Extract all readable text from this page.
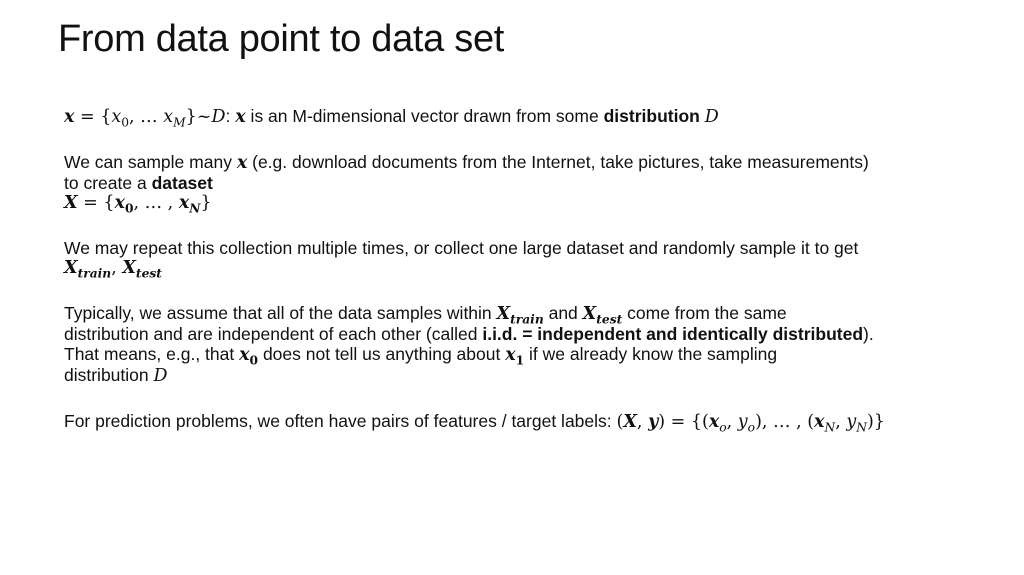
From data point to data set
$x = \{x_0$, … $x_M\}\sim D$: x is an M-dimensional vector drawn from some distribution D
We can sample many x (e.g. download documents from the Internet, take pictures, take measurements)
to create a dataset
$X = \{x_0$, … , $x_N$}
We may repeat this collection multiple times, or collect one large dataset and randomly sample it to get
$X_{train}$, $X_{test}$
Typically, we assume that all of the data samples within $X_{train}$ and $X_{test}$ come from the same
distribution and are independent of each other (called i.i.d. = independent and identically distributed).
That means, e.g., that $x_0$ does not tell us anything about $x_1$ if we already know the sampling
distribution D
For prediction problems, we often have pairs of features / target labels: (X, $y) = \{(x_o$, $y_o$), … , ($x_N$, $y_N$)}
